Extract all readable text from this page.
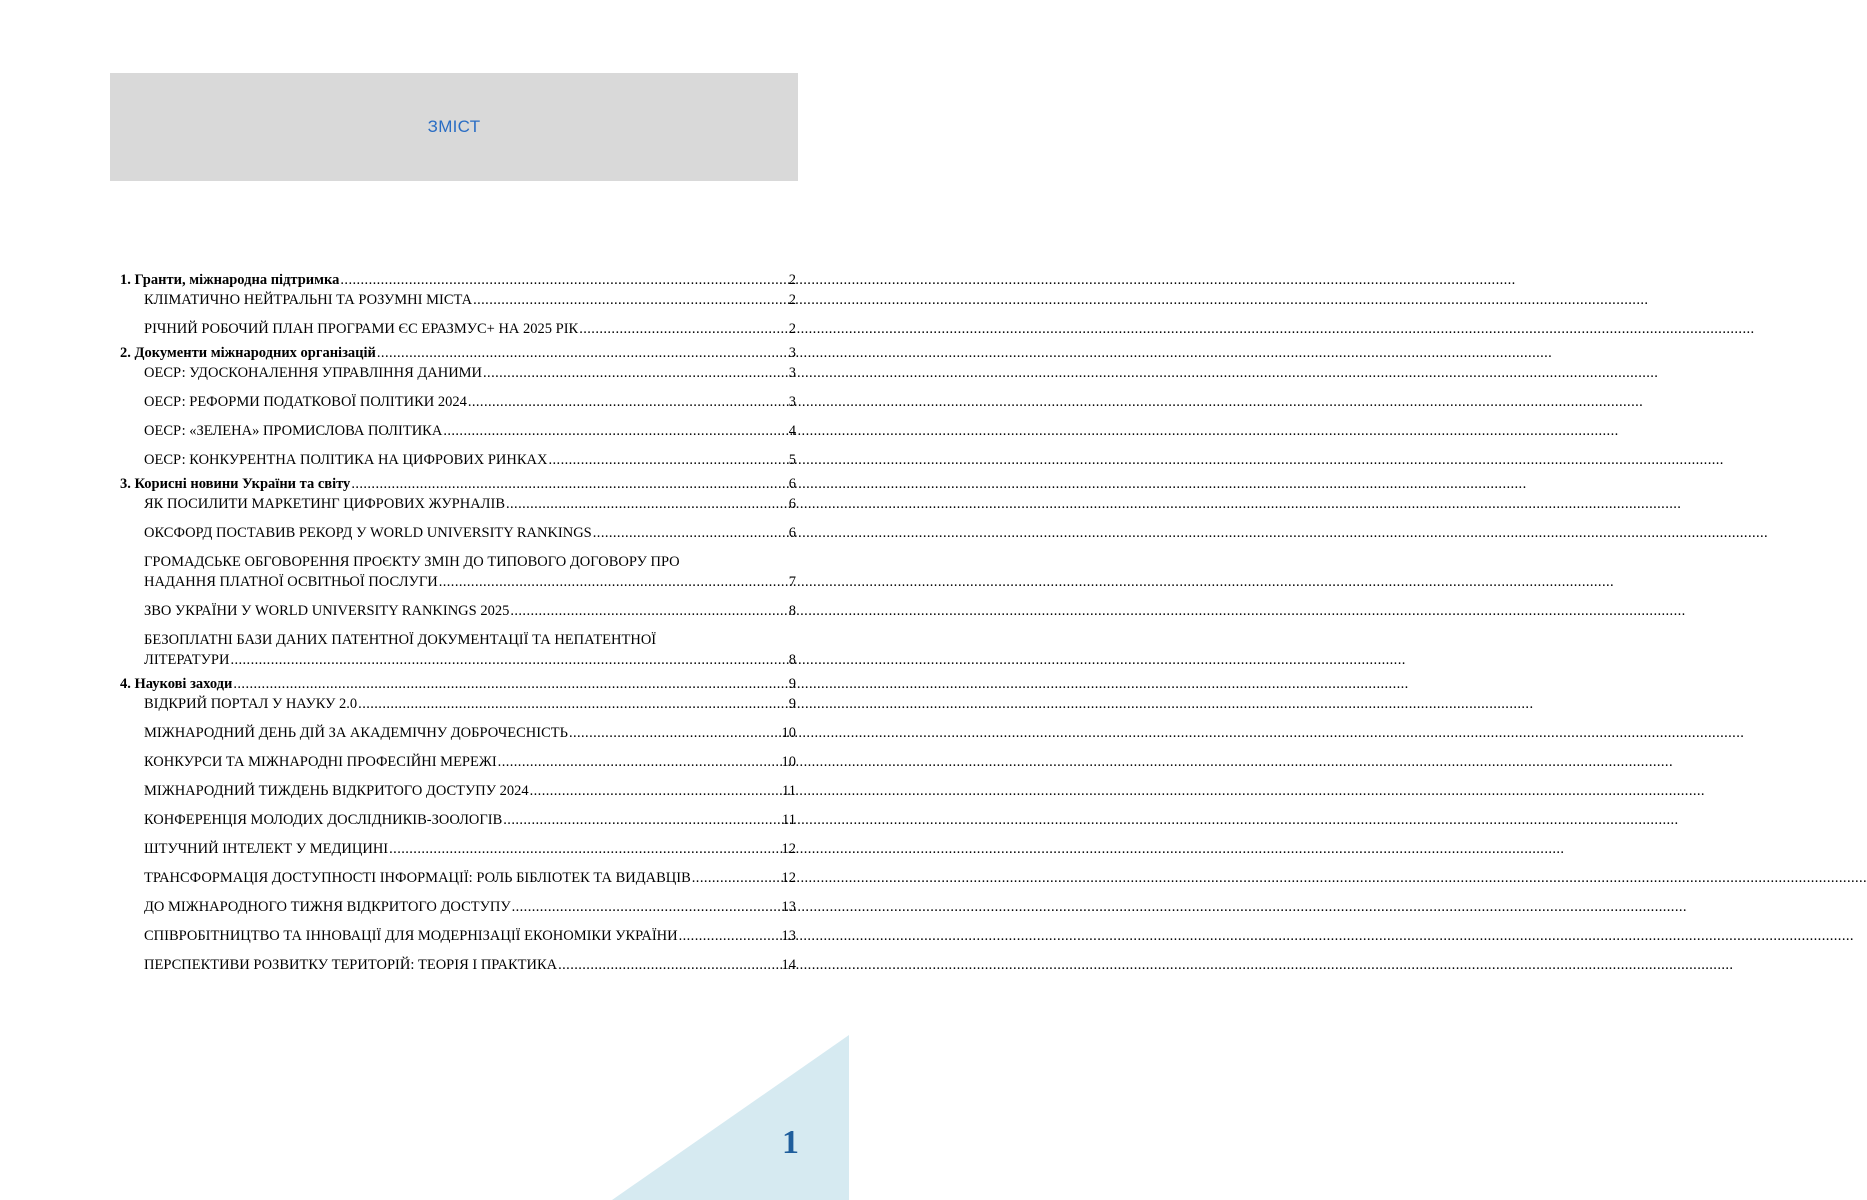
ЗМІСТ
1. Гранти, міжнародна підтримка .....	2
КЛІМАТИЧНО НЕЙТРАЛЬНІ ТА РОЗУМНІ МІСТА .....	2
РІЧНИЙ РОБОЧИЙ ПЛАН ПРОГРАМИ ЄС ЕРАЗМУС+ НА 2025 РІК .....	2
2. Документи міжнародних організацій .....	3
ОЕСР: УДОСКОНАЛЕННЯ УПРАВЛІННЯ ДАНИМИ .....	3
ОЕСР: РЕФОРМИ ПОДАТКОВОЇ ПОЛІТИКИ 2024 .....	3
ОЕСР: «ЗЕЛЕНА» ПРОМИСЛОВА ПОЛІТИКА .....	4
ОЕСР: КОНКУРЕНТНА ПОЛІТИКА НА ЦИФРОВИХ РИНКАХ .....	5
3. Корисні новини України та світу .....	6
ЯК ПОСИЛИТИ МАРКЕТИНГ ЦИФРОВИХ ЖУРНАЛІВ .....	6
ОКСФОРД ПОСТАВИВ РЕКОРД У WORLD UNIVERSITY RANKINGS .....	6
ГРОМАДСЬКЕ ОБГОВОРЕННЯ ПРОЄКТУ ЗМІН ДО ТИПОВОГО ДОГОВОРУ ПРО
НАДАННЯ ПЛАТНОЇ ОСВІТНЬОЇ ПОСЛУГИ .....	7
ЗВО УКРАЇНИ У WORLD UNIVERSITY RANKINGS 2025 .....	8
БЕЗОПЛАТНІ БАЗИ ДАНИХ ПАТЕНТНОЇ ДОКУМЕНТАЦІЇ ТА НЕПАТЕНТНОЇ
ЛІТЕРАТУРИ .....	8
4. Наукові заходи .....	9
ВІДКРИЙ ПОРТАЛ У НАУКУ 2.0 .....	9
МІЖНАРОДНИЙ ДЕНЬ ДІЙ ЗА АКАДЕМІЧНУ ДОБРОЧЕСНІСТЬ .....	10
КОНКУРСИ ТА МІЖНАРОДНІ ПРОФЕСІЙНІ МЕРЕЖІ .....	10
МІЖНАРОДНИЙ ТИЖДЕНЬ ВІДКРИТОГО ДОСТУПУ 2024 .....	11
КОНФЕРЕНЦІЯ МОЛОДИХ ДОСЛІДНИКІВ-ЗООЛОГІВ .....	11
ШТУЧНИЙ ІНТЕЛЕКТ У МЕДИЦИНІ .....	12
ТРАНСФОРМАЦІЯ ДОСТУПНОСТІ ІНФОРМАЦІЇ: РОЛЬ БІБЛІОТЕК ТА ВИДАВЦІВ .....	12
ДО МІЖНАРОДНОГО ТИЖНЯ ВІДКРИТОГО ДОСТУПУ .....	13
СПІВРОБІТНИЦТВО ТА ІННОВАЦІЇ ДЛЯ МОДЕРНІЗАЦІЇ ЕКОНОМІКИ УКРАЇНИ .....	13
ПЕРСПЕКТИВИ РОЗВИТКУ ТЕРИТОРІЙ: ТЕОРІЯ І ПРАКТИКА .....	14
1
